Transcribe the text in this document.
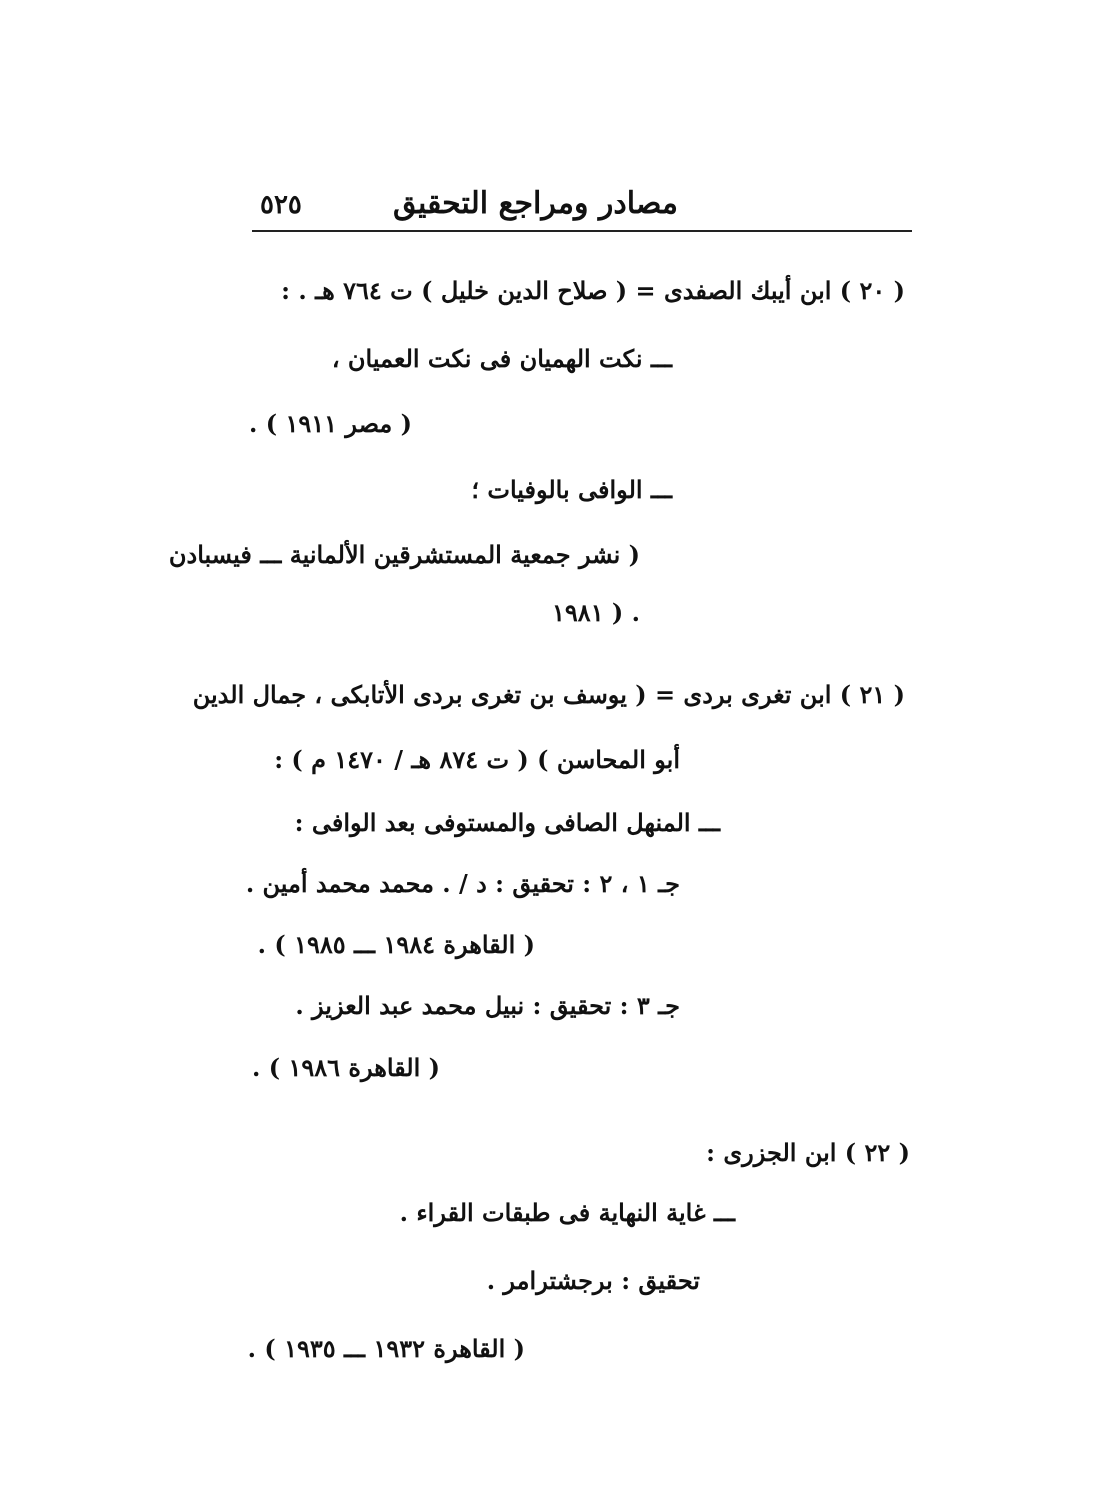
مصادر ومراجع التحقيق
٥٢٥
( ٢٠ ) ابن أيبك الصفدى = ( صلاح الدين خليل ) ت ٧٦٤ هـ . :
ـــ نكت الهميان فى نكت العميان ،
( مصر ١٩١١ ) .
ـــ الوافى بالوفيات ؛
( نشر جمعية المستشرقين الألمانية ـــ فيسبادن
١٩٨١ ) .
( ٢١ ) ابن تغرى بردى = ( يوسف بن تغرى بردى الأتابكى ، جمال الدين
أبو المحاسن ) ( ت ٨٧٤ هـ / ١٤٧٠ م ) :
ـــ المنهل الصافى والمستوفى بعد الوافى :
جـ ١ ، ٢ : تحقيق : د / . محمد محمد أمين .
( القاهرة ١٩٨٤ ـــ ١٩٨٥ ) .
جـ ٣ : تحقيق : نبيل محمد عبد العزيز .
( القاهرة ١٩٨٦ ) .
( ٢٢ ) ابن الجزرى :
ـــ غاية النهاية فى طبقات القراء .
تحقيق : برجشترامر .
( القاهرة ١٩٣٢ ـــ ١٩٣٥ ) .
